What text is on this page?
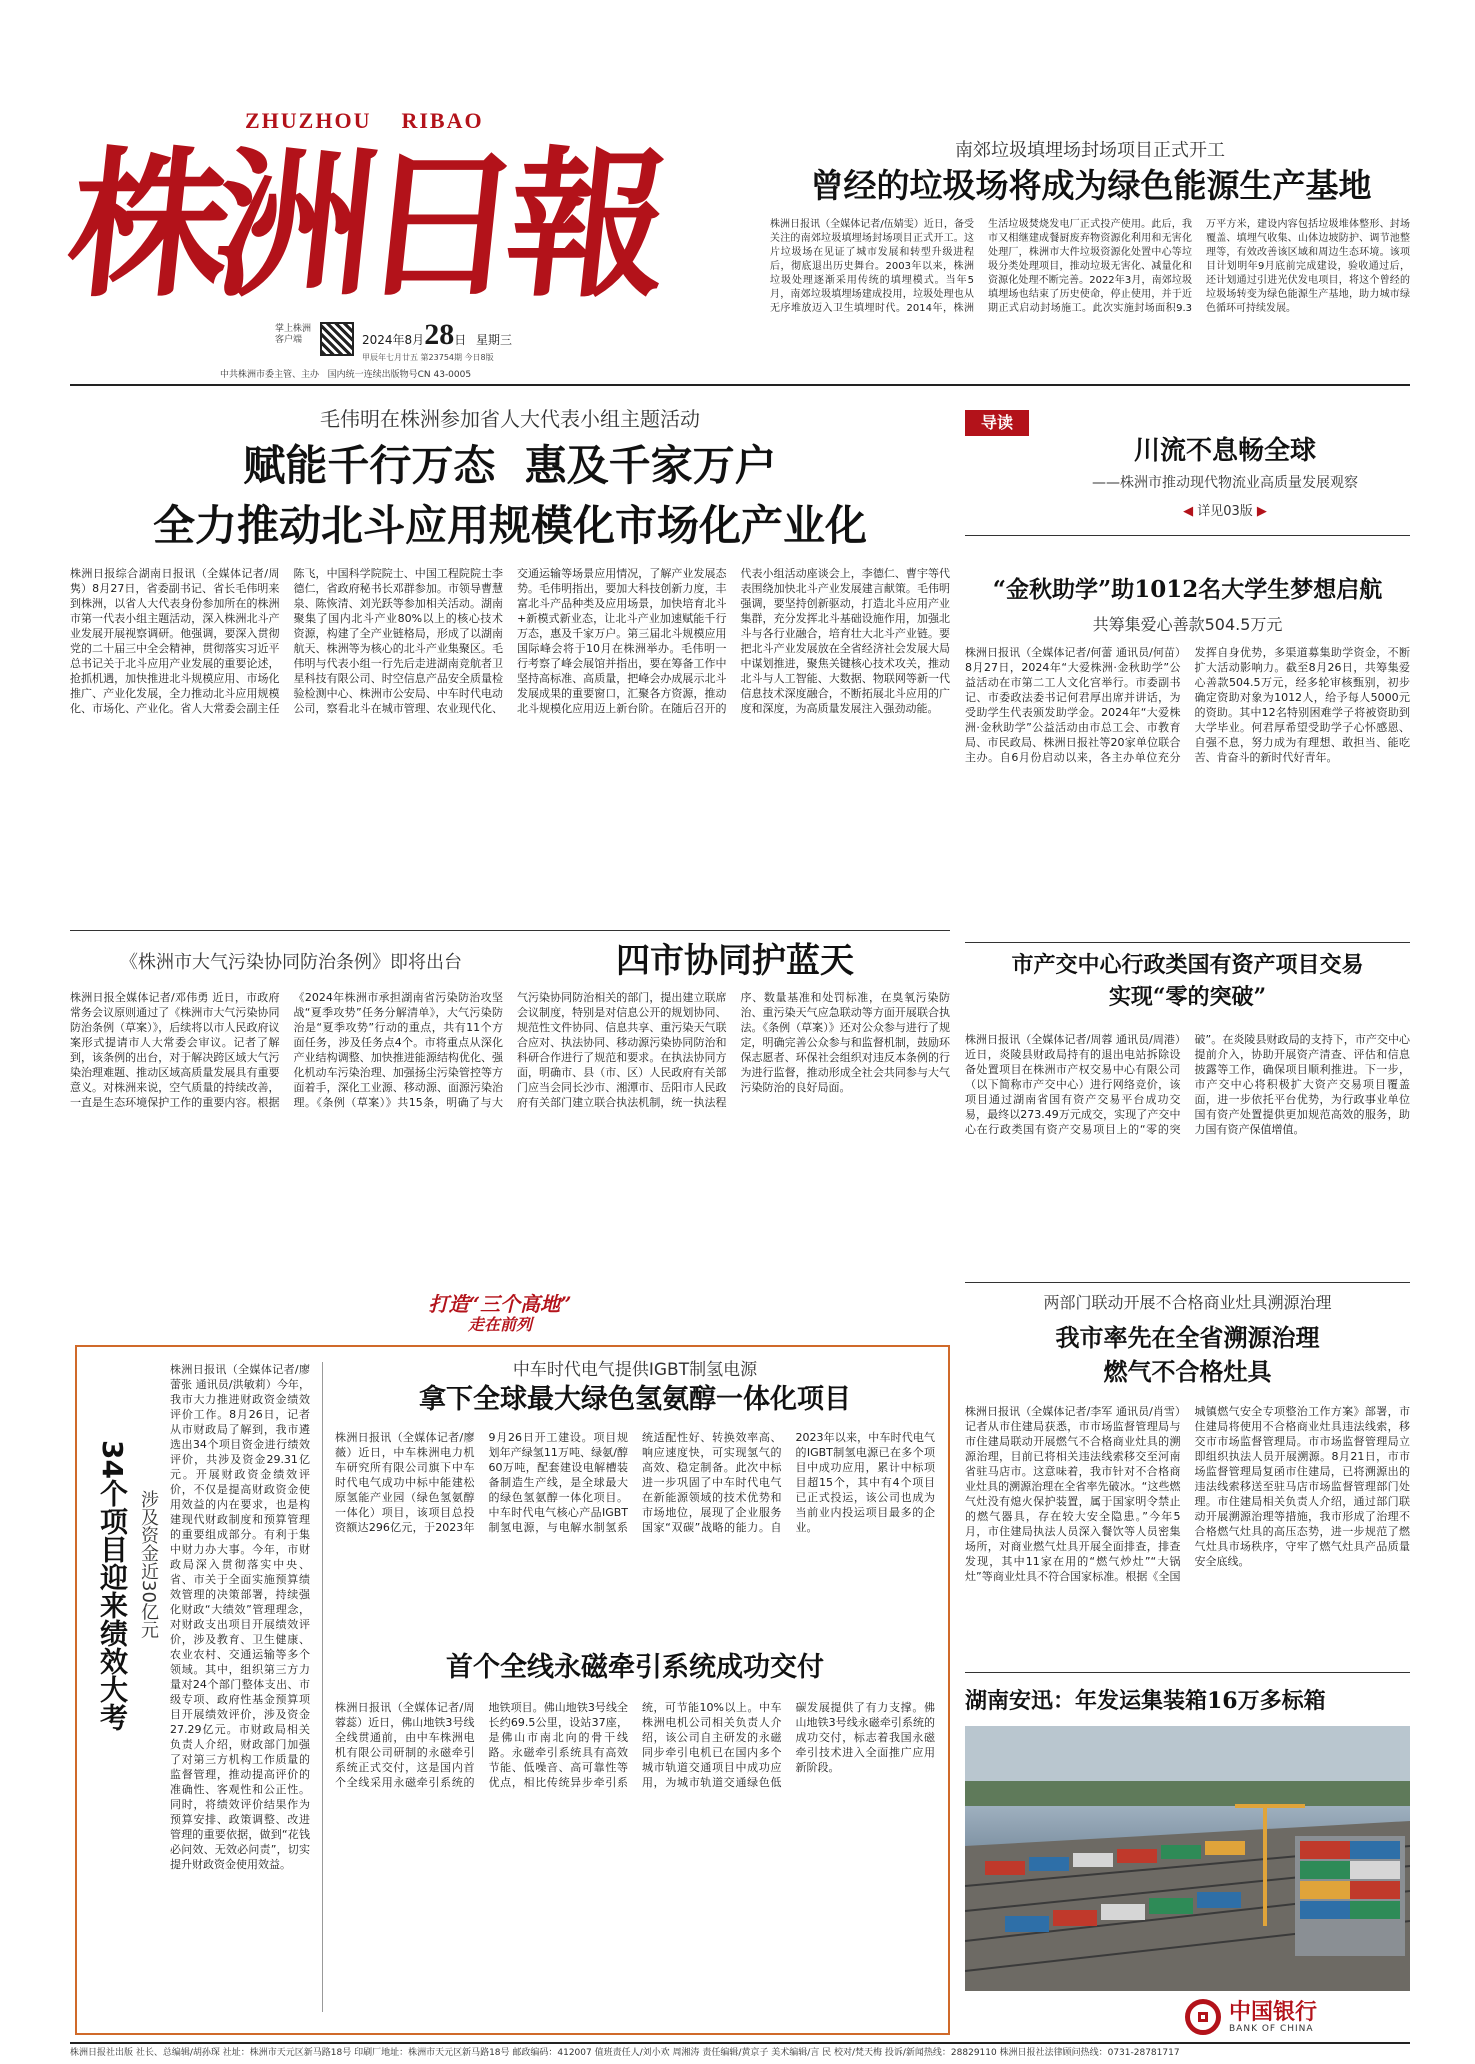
ZHUZHOU    RIBAO
株洲日報
掌上株洲
客户端	2024年8月28日 星期三
甲辰年七月廿五 第23754期 今日8版
中共株洲市委主管、主办 国内统一连续出版物号CN 43-0005
南郊垃圾填埋场封场项目正式开工
曾经的垃圾场将成为绿色能源生产基地
株洲日报讯（全媒体记者/伍婧雯）近日，备受关注的南郊垃圾填埋场封场项目正式开工。这片垃圾场在见证了城市发展和转型升级进程后，彻底退出历史舞台。2003年以来，株洲垃圾处理逐渐采用传统的填埋模式。当年5月，南郊垃圾填埋场建成投用，垃圾处理也从无序堆放迈入卫生填埋时代。2014年，株洲生活垃圾焚烧发电厂正式投产使用。此后，我市又相继建成餐厨废弃物资源化利用和无害化处理厂，株洲市大件垃圾资源化处置中心等垃圾分类处理项目，推动垃圾无害化、减量化和资源化处理不断完善。2022年3月，南郊垃圾填埋场也结束了历史使命，停止使用，并于近期正式启动封场施工。此次实施封场面积9.3万平方米，建设内容包括垃圾堆体整形、封场覆盖、填埋气收集、山体边坡防护、调节池整理等，有效改善该区域和周边生态环境。该项目计划明年9月底前完成建设，验收通过后，还计划通过引进光伏发电项目，将这个曾经的垃圾场转变为绿色能源生产基地，助力城市绿色循环可持续发展。
毛伟明在株洲参加省人大代表小组主题活动
赋能千行万态  惠及千家万户
全力推动北斗应用规模化市场化产业化
株洲日报综合湖南日报讯（全媒体记者/周隽）8月27日，省委副书记、省长毛伟明来到株洲，以省人大代表身份参加所在的株洲市第一代表小组主题活动，深入株洲北斗产业发展开展视察调研。他强调，要深入贯彻党的二十届三中全会精神，贯彻落实习近平总书记关于北斗应用产业发展的重要论述，抢抓机遇，加快推进北斗规模应用、市场化推广、产业化发展，全力推动北斗应用规模化、市场化、产业化。省人大常委会副主任陈飞，中国科学院院士、中国工程院院士李德仁，省政府秘书长邓群参加。市领导曹慧泉、陈恢清、刘光跃等参加相关活动。湖南聚集了国内北斗产业80%以上的核心技术资源，构建了全产业链格局，形成了以湖南航天、株洲等为核心的北斗产业集聚区。毛伟明与代表小组一行先后走进湖南竞航者卫星科技有限公司、时空信息产品安全质量检验检测中心、株洲市公安局、中车时代电动公司，察看北斗在城市管理、农业现代化、交通运输等场景应用情况，了解产业发展态势。毛伟明指出，要加大科技创新力度，丰富北斗产品种类及应用场景，加快培育北斗+新模式新业态，让北斗产业加速赋能千行万态，惠及千家万户。第三届北斗规模应用国际峰会将于10月在株洲举办。毛伟明一行考察了峰会展馆并指出，要在筹备工作中坚持高标准、高质量，把峰会办成展示北斗发展成果的重要窗口，汇聚各方资源，推动北斗规模化应用迈上新台阶。在随后召开的代表小组活动座谈会上，李德仁、曹宇等代表围绕加快北斗产业发展建言献策。毛伟明强调，要坚持创新驱动，打造北斗应用产业集群，充分发挥北斗基础设施作用，加强北斗与各行业融合，培育壮大北斗产业链。要把北斗产业发展放在全省经济社会发展大局中谋划推进，聚焦关键核心技术攻关，推动北斗与人工智能、大数据、物联网等新一代信息技术深度融合，不断拓展北斗应用的广度和深度，为高质量发展注入强劲动能。
导读
川流不息畅全球
——株洲市推动现代物流业高质量发展观察
◀ 详见03版 ▶
“金秋助学”助1012名大学生梦想启航
共筹集爱心善款504.5万元
株洲日报讯（全媒体记者/何蕾 通讯员/何苗）8月27日，2024年“大爱株洲·金秋助学”公益活动在市第二工人文化宫举行。市委副书记、市委政法委书记何君厚出席并讲话，为受助学生代表颁发助学金。2024年“大爱株洲·金秋助学”公益活动由市总工会、市教育局、市民政局、株洲日报社等20家单位联合主办。自6月份启动以来，各主办单位充分发挥自身优势，多渠道募集助学资金，不断扩大活动影响力。截至8月26日，共筹集爱心善款504.5万元，经多轮审核甄别，初步确定资助对象为1012人，给予每人5000元的资助。其中12名特别困难学子将被资助到大学毕业。何君厚希望受助学子心怀感恩、自强不息，努力成为有理想、敢担当、能吃苦、肯奋斗的新时代好青年。
市产交中心行政类国有资产项目交易
实现“零的突破”
株洲日报讯（全媒体记者/周蓉 通讯员/周港）近日，炎陵县财政局持有的退出电站拆除设备处置项目在株洲市产权交易中心有限公司（以下简称市产交中心）进行网络竞价，该项目通过湖南省国有资产交易平台成功交易，最终以273.49万元成交，实现了产交中心在行政类国有资产交易项目上的“零的突破”。在炎陵县财政局的支持下，市产交中心提前介入，协助开展资产清查、评估和信息披露等工作，确保项目顺利推进。下一步，市产交中心将积极扩大资产交易项目覆盖面，进一步依托平台优势，为行政事业单位国有资产处置提供更加规范高效的服务，助力国有资产保值增值。
两部门联动开展不合格商业灶具溯源治理
我市率先在全省溯源治理
燃气不合格灶具
株洲日报讯（全媒体记者/李军 通讯员/肖雪）记者从市住建局获悉，市市场监督管理局与市住建局联动开展燃气不合格商业灶具的溯源治理，目前已将相关违法线索移交至河南省驻马店市。这意味着，我市针对不合格商业灶具的溯源治理在全省率先破冰。“这些燃气灶没有熄火保护装置，属于国家明令禁止的燃气器具，存在较大安全隐患。”今年5月，市住建局执法人员深入餐饮等人员密集场所，对商业燃气灶具开展全面排查，排查发现，其中11家在用的“燃气炒灶”“大锅灶”等商业灶具不符合国家标准。根据《全国城镇燃气安全专项整治工作方案》部署，市住建局将使用不合格商业灶具违法线索，移交市市场监督管理局。市市场监督管理局立即组织执法人员开展溯源。8月21日，市市场监督管理局复函市住建局，已将溯源出的违法线索移送至驻马店市场监督管理部门处理。市住建局相关负责人介绍，通过部门联动开展溯源治理等措施，我市形成了治理不合格燃气灶具的高压态势，进一步规范了燃气灶具市场秩序，守牢了燃气灶具产品质量安全底线。
湖南安迅：年发运集装箱16万多标箱
《株洲市大气污染协同防治条例》即将出台	四市协同护蓝天
株洲日报全媒体记者/邓伟勇 近日，市政府常务会议原则通过了《株洲市大气污染协同防治条例（草案）》，后续将以市人民政府议案形式提请市人大常委会审议。记者了解到，该条例的出台，对于解决跨区域大气污染治理难题、推动区域高质量发展具有重要意义。对株洲来说，空气质量的持续改善，一直是生态环境保护工作的重要内容。根据《2024年株洲市承担湖南省污染防治攻坚战“夏季攻势”任务分解清单》，大气污染防治是“夏季攻势”行动的重点，共有11个方面任务，涉及任务点4个。市将重点从深化产业结构调整、加快推进能源结构优化、强化机动车污染治理、加强扬尘污染管控等方面着手，深化工业源、移动源、面源污染治理。《条例（草案）》共15条，明确了与大气污染协同防治相关的部门，提出建立联席会议制度，特别是对信息公开的规划协同、规范性文件协同、信息共享、重污染天气联合应对、执法协同、移动源污染协同防治和科研合作进行了规范和要求。在执法协同方面，明确市、县（市、区）人民政府有关部门应当会同长沙市、湘潭市、岳阳市人民政府有关部门建立联合执法机制，统一执法程序、数量基准和处罚标准，在臭氧污染防治、重污染天气应急联动等方面开展联合执法。《条例（草案）》还对公众参与进行了规定，明确完善公众参与和监督机制，鼓励环保志愿者、环保社会组织对违反本条例的行为进行监督，推动形成全社会共同参与大气污染防治的良好局面。
打造“三个高地”
走在前列
34个项目迎来绩效大考 涉及资金近30亿元
株洲日报讯（全媒体记者/廖蕾张 通讯员/洪敏莉）今年，我市大力推进财政资金绩效评价工作。8月26日，记者从市财政局了解到，我市遴选出34个项目资金进行绩效评价，共涉及资金29.31亿元。开展财政资金绩效评价，不仅是提高财政资金使用效益的内在要求，也是构建现代财政制度和预算管理的重要组成部分。有利于集中财力办大事。今年，市财政局深入贯彻落实中央、省、市关于全面实施预算绩效管理的决策部署，持续强化财政“大绩效”管理理念，对财政支出项目开展绩效评价，涉及教育、卫生健康、农业农村、交通运输等多个领域。其中，组织第三方力量对24个部门整体支出、市级专项、政府性基金预算项目开展绩效评价，涉及资金27.29亿元。市财政局相关负责人介绍，财政部门加强了对第三方机构工作质量的监督管理，推动提高评价的准确性、客观性和公正性。同时，将绩效评价结果作为预算安排、政策调整、改进管理的重要依据，做到“花钱必问效、无效必问责”，切实提升财政资金使用效益。
中车时代电气提供IGBT制氢电源
拿下全球最大绿色氢氨醇一体化项目
株洲日报讯（全媒体记者/廖薇）近日，中车株洲电力机车研究所有限公司旗下中车时代电气成功中标中能建松原氢能产业园（绿色氢氨醇一体化）项目，该项目总投资额达296亿元，于2023年9月26日开工建设。项目规划年产绿氢11万吨、绿氨/醇60万吨，配套建设电解槽装备制造生产线，是全球最大的绿色氢氨醇一体化项目。中车时代电气核心产品IGBT制氢电源，与电解水制氢系统适配性好、转换效率高、响应速度快，可实现氢气的高效、稳定制备。此次中标进一步巩固了中车时代电气在新能源领域的技术优势和市场地位，展现了企业服务国家“双碳”战略的能力。自2023年以来，中车时代电气的IGBT制氢电源已在多个项目中成功应用，累计中标项目超15个，其中有4个项目已正式投运，该公司也成为当前业内投运项目最多的企业。
首个全线永磁牵引系统成功交付
株洲日报讯（全媒体记者/周蓉蕊）近日，佛山地铁3号线全线贯通前，由中车株洲电机有限公司研制的永磁牵引系统正式交付，这是国内首个全线采用永磁牵引系统的地铁项目。佛山地铁3号线全长约69.5公里，设站37座，是佛山市南北向的骨干线路。永磁牵引系统具有高效节能、低噪音、高可靠性等优点，相比传统异步牵引系统，可节能10%以上。中车株洲电机公司相关负责人介绍，该公司自主研发的永磁同步牵引电机已在国内多个城市轨道交通项目中成功应用，为城市轨道交通绿色低碳发展提供了有力支撑。佛山地铁3号线永磁牵引系统的成功交付，标志着我国永磁牵引技术进入全面推广应用新阶段。
中国银行
BANK OF CHINA
株洲日报社出版 社长、总编辑/胡孙琛 社址：株洲市天元区新马路18号 印刷厂地址：株洲市天元区新马路18号 邮政编码：412007 值班责任人/刘小欢 周湘涛 责任编辑/黄京子 美术编辑/言 民 校对/梵天梅 投诉/新闻热线：28829110 株洲日报社法律顾问热线：0731-28781717
